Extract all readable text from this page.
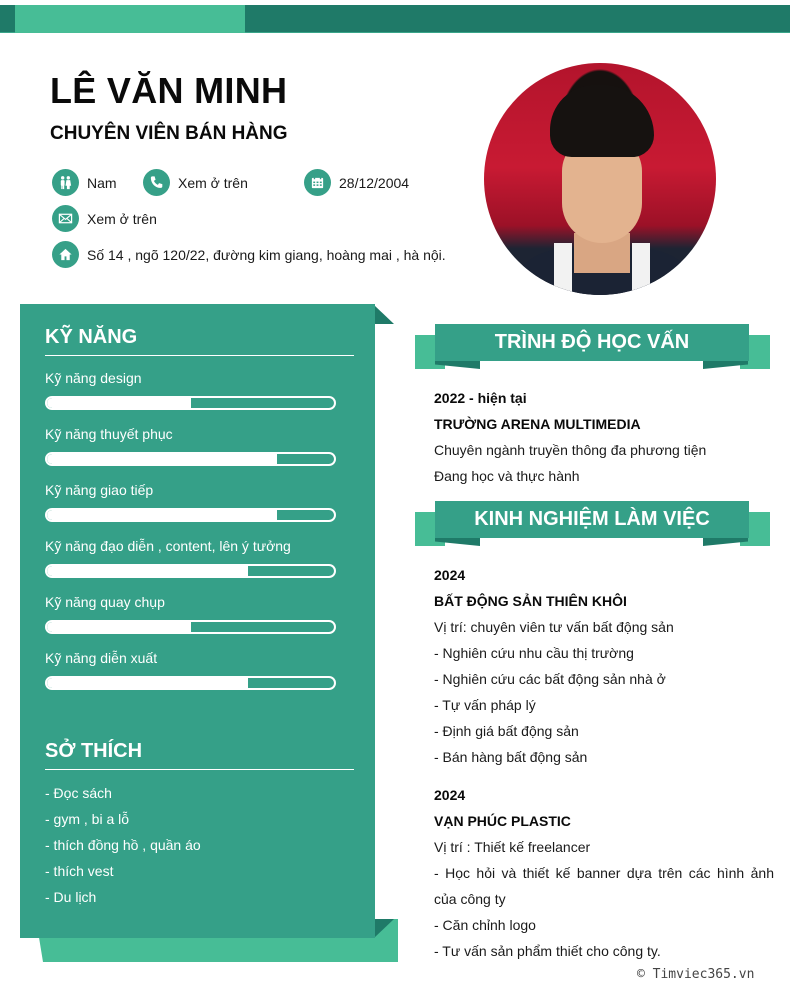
LÊ VĂN MINH
CHUYÊN VIÊN BÁN HÀNG
Nam	Xem ở trên	28/12/2004
Xem ở trên
Số 14 , ngõ 120/22, đường kim giang, hoàng mai , hà nội.
KỸ NĂNG
Kỹ năng design
Kỹ năng thuyết phục
Kỹ năng giao tiếp
Kỹ năng đạo diễn , content, lên ý tưởng
Kỹ năng quay chụp
Kỹ năng diễn xuất
SỞ THÍCH
- Đọc sách
- gym , bi a lỗ
- thích đồng hồ , quần áo
- thích vest
- Du lịch
TRÌNH ĐỘ HỌC VẤN
2022 - hiện tại
TRƯỜNG ARENA MULTIMEDIA
Chuyên ngành truyền thông đa phương tiện
Đang học và thực hành
KINH NGHIỆM LÀM VIỆC
2024
BẤT ĐỘNG SẢN THIÊN KHÔI
Vị trí: chuyên viên tư vấn bất động sản
- Nghiên cứu nhu cầu thị trường
- Nghiên cứu các bất động sản nhà ở
- Tự vấn pháp lý
- Định giá bất động sản
- Bán hàng bất động sản
2024
VẠN PHÚC PLASTIC
Vị trí : Thiết kế freelancer
- Học hỏi và thiết kế banner dựa trên các hình ảnh
của công ty
- Căn chỉnh logo
- Tư vấn sản phẩm thiết cho công ty.
© Timviec365.vn
